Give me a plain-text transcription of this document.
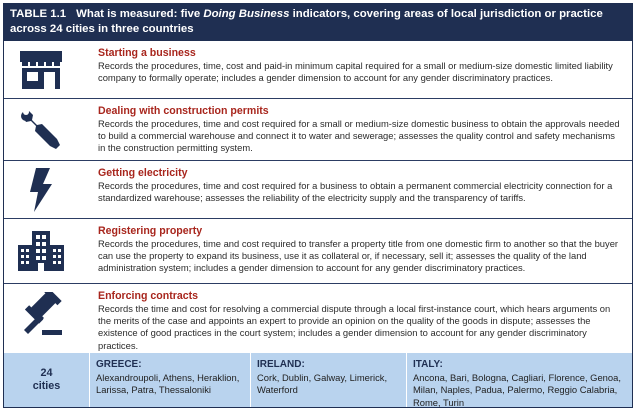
TABLE 1.1 What is measured: five Doing Business indicators, covering areas of local jurisdiction or practice across 24 cities in three countries
Starting a business
Records the procedures, time, cost and paid-in minimum capital required for a small or medium-size domestic limited liability company to formally operate; includes a gender dimension to account for any gender discriminatory practices.
Dealing with construction permits
Records the procedures, time and cost required for a small or medium-size domestic business to obtain the approvals needed to build a commercial warehouse and connect it to water and sewerage; assesses the quality control and safety mechanisms in the construction permitting system.
Getting electricity
Records the procedures, time and cost required for a business to obtain a permanent commercial electricity connection for a standardized warehouse; assesses the reliability of the electricity supply and the transparency of tariffs.
Registering property
Records the procedures, time and cost required to transfer a property title from one domestic firm to another so that the buyer can use the property to expand its business, use it as collateral or, if necessary, sell it; assesses the quality of the land administration system; includes a gender dimension to account for any gender discriminatory practices.
Enforcing contracts
Records the time and cost for resolving a commercial dispute through a local first-instance court, which hears arguments on the merits of the case and appoints an expert to provide an opinion on the quality of the goods in dispute; assesses the existence of good practices in the court system; includes a gender dimension to account for any gender discriminatory practices.
24
cities
GREECE:
Alexandroupoli, Athens, Heraklion, Larissa, Patra, Thessaloniki
IRELAND:
Cork, Dublin, Galway, Limerick, Waterford
ITALY:
Ancona, Bari, Bologna, Cagliari, Florence, Genoa, Milan, Naples, Padua, Palermo, Reggio Calabria, Rome, Turin
